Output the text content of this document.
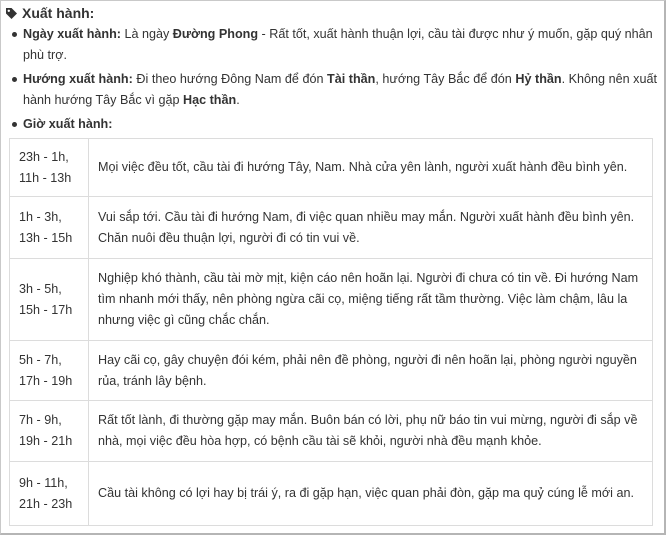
Xuất hành:
Ngày xuất hành: Là ngày Đường Phong - Rất tốt, xuất hành thuận lợi, cầu tài được như ý muốn, gặp quý nhân phù trợ.
Hướng xuất hành: Đi theo hướng Đông Nam để đón Tài thần, hướng Tây Bắc để đón Hỷ thần. Không nên xuất hành hướng Tây Bắc vì gặp Hạc thần.
Giờ xuất hành:
23h - 1h,
11h - 13h	Mọi việc đều tốt, cầu tài đi hướng Tây, Nam. Nhà cửa yên lành, người xuất hành đều bình yên.
1h - 3h,
13h - 15h	Vui sắp tới. Cầu tài đi hướng Nam, đi việc quan nhiều may mắn. Người xuất hành đều bình yên. Chăn nuôi đều thuận lợi, người đi có tin vui về.
3h - 5h,
15h - 17h	Nghiệp khó thành, cầu tài mờ mịt, kiện cáo nên hoãn lại. Người đi chưa có tin về. Đi hướng Nam tìm nhanh mới thấy, nên phòng ngừa cãi cọ, miệng tiếng rất tầm thường. Việc làm chậm, lâu la nhưng việc gì cũng chắc chắn.
5h - 7h,
17h - 19h	Hay cãi cọ, gây chuyện đói kém, phải nên đề phòng, người đi nên hoãn lại, phòng người nguyền rủa, tránh lây bệnh.
7h - 9h,
19h - 21h	Rất tốt lành, đi thường gặp may mắn. Buôn bán có lời, phụ nữ báo tin vui mừng, người đi sắp về nhà, mọi việc đều hòa hợp, có bệnh cầu tài sẽ khỏi, người nhà đều mạnh khỏe.
9h - 11h,
21h - 23h	Cầu tài không có lợi hay bị trái ý, ra đi gặp hạn, việc quan phải đòn, gặp ma quỷ cúng lễ mới an.
